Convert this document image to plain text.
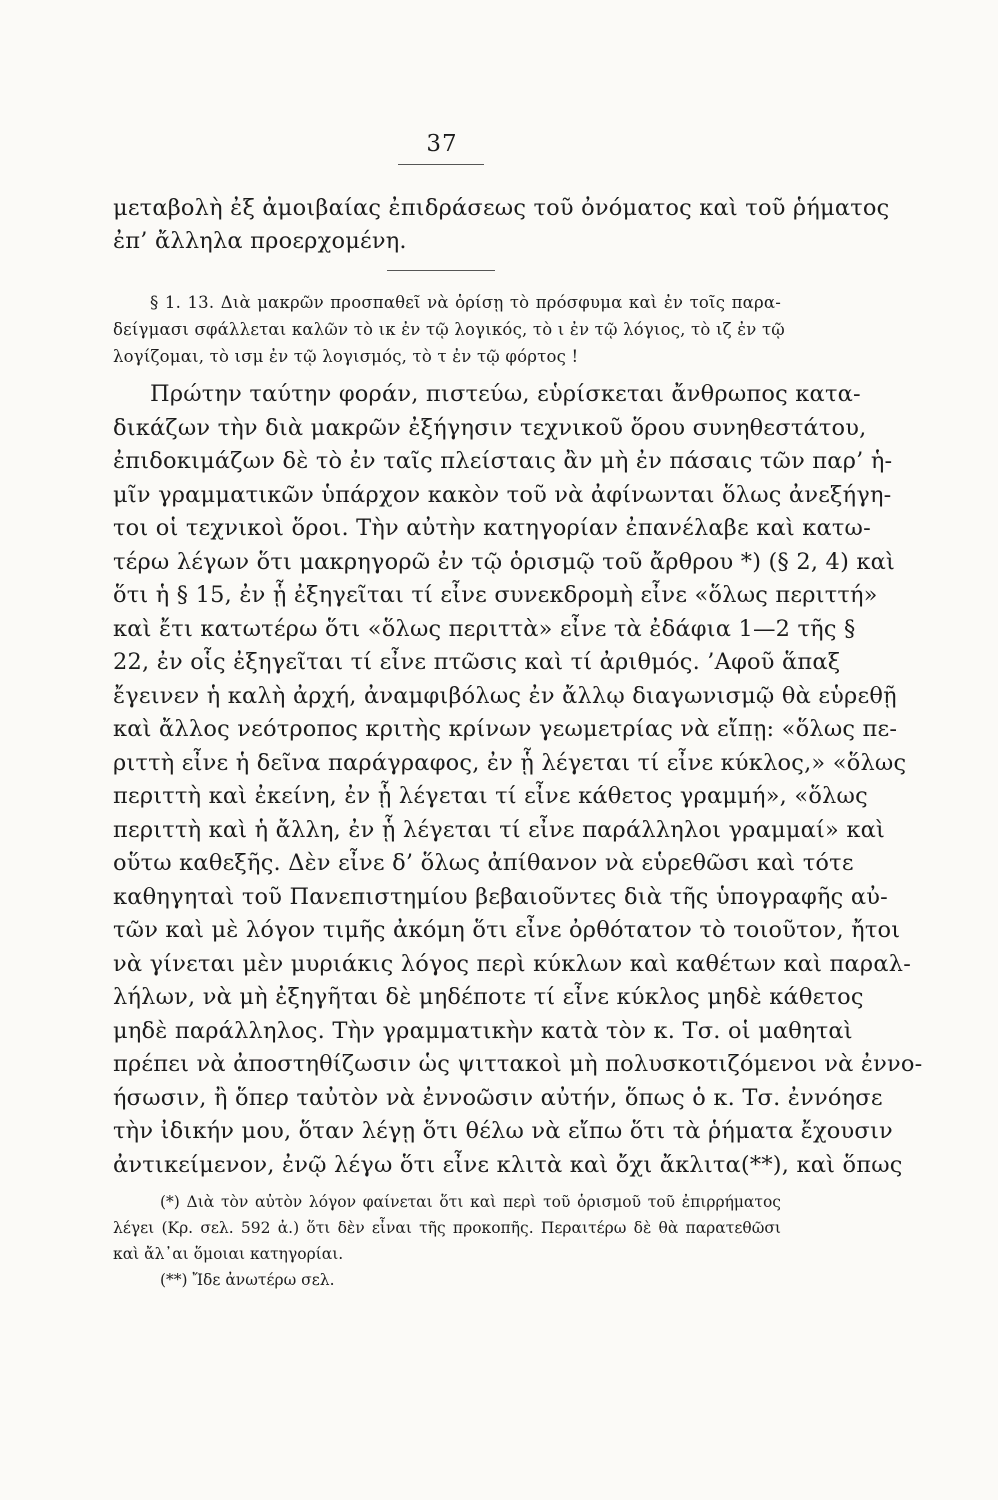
37
μεταβολὴ ἐξ ἀμοιβαίας ἐπιδράσεως τοῦ ὀνόματος καὶ τοῦ ῥήματος
ἐπ’ ἄλληλα προερχομένη.
§ 1. 13. Διὰ μακρῶν προσπαθεῖ νὰ ὁρίσῃ τὸ πρόσφυμα καὶ ἐν τοῖς παρα-
δείγμασι σφάλλεται καλῶν τὸ ικ ἐν τῷ λογικός, τὸ ι ἐν τῷ λόγιος, τὸ ιζ ἐν τῷ
λογίζομαι, τὸ ισμ ἐν τῷ λογισμός, τὸ τ ἐν τῷ φόρτος !
Πρώτην ταύτην φοράν, πιστεύω, εὑρίσκεται ἄνθρωπος κατα-
δικάζων τὴν διὰ μακρῶν ἐξήγησιν τεχνικοῦ ὅρου συνηθεστάτου,
ἐπιδοκιμάζων δὲ τὸ ἐν ταῖς πλείσταις ἂν μὴ ἐν πάσαις τῶν παρ’ ἡ-
μῖν γραμματικῶν ὑπάρχον κακὸν τοῦ νὰ ἀφίνωνται ὅλως ἀνεξήγη-
τοι οἱ τεχνικοὶ ὅροι. Τὴν αὐτὴν κατηγορίαν ἐπανέλαβε καὶ κατω-
τέρω λέγων ὅτι μακρηγορῶ ἐν τῷ ὁρισμῷ τοῦ ἄρθρου *) (§ 2, 4) καὶ
ὅτι ἡ § 15, ἐν ᾗ ἐξηγεῖται τί εἶνε συνεκδρομὴ εἶνε «ὅλως περιττή»
καὶ ἔτι κατωτέρω ὅτι «ὅλως περιττὰ» εἶνε τὰ ἐδάφια 1—2 τῆς §
22, ἐν οἷς ἐξηγεῖται τί εἶνε πτῶσις καὶ τί ἀριθμός. ’Αφοῦ ἅπαξ
ἔγεινεν ἡ καλὴ ἀρχή, ἀναμφιβόλως ἐν ἄλλῳ διαγωνισμῷ θὰ εὑρεθῇ
καὶ ἄλλος νεότροπος κριτὴς κρίνων γεωμετρίας νὰ εἴπῃ: «ὅλως πε-
ριττὴ εἶνε ἡ δεῖνα παράγραφος, ἐν ᾗ λέγεται τί εἶνε κύκλος,» «ὅλως
περιττὴ καὶ ἐκείνη, ἐν ᾗ λέγεται τί εἶνε κάθετος γραμμή», «ὅλως
περιττὴ καὶ ἡ ἄλλη, ἐν ᾗ λέγεται τί εἶνε παράλληλοι γραμμαί» καὶ
οὕτω καθεξῆς. Δὲν εἶνε δ’ ὅλως ἀπίθανον νὰ εὑρεθῶσι καὶ τότε
καθηγηταὶ τοῦ Πανεπιστημίου βεβαιοῦντες διὰ τῆς ὑπογραφῆς αὐ-
τῶν καὶ μὲ λόγον τιμῆς ἀκόμη ὅτι εἶνε ὀρθότατον τὸ τοιοῦτον, ἤτοι
νὰ γίνεται μὲν μυριάκις λόγος περὶ κύκλων καὶ καθέτων καὶ παραλ-
λήλων, νὰ μὴ ἐξηγῆται δὲ μηδέποτε τί εἶνε κύκλος μηδὲ κάθετος
μηδὲ παράλληλος. Τὴν γραμματικὴν κατὰ τὸν κ. Τσ. οἱ μαθηταὶ
πρέπει νὰ ἀποστηθίζωσιν ὡς ψιττακοὶ μὴ πολυσκοτιζόμενοι νὰ ἐννο-
ήσωσιν, ἢ ὅπερ ταὐτὸν νὰ ἐννοῶσιν αὐτήν, ὅπως ὁ κ. Τσ. ἐννόησε
τὴν ἰδικήν μου, ὅταν λέγῃ ὅτι θέλω νὰ εἴπω ὅτι τὰ ῥήματα ἔχουσιν
ἀντικείμενον, ἐνῷ λέγω ὅτι εἶνε κλιτὰ καὶ ὄχι ἄκλιτα(**), καὶ ὅπως
(*) Διὰ τὸν αὐτὸν λόγον φαίνεται ὅτι καὶ περὶ τοῦ ὁρισμοῦ τοῦ ἐπιρρήματος
λέγει (Κρ. σελ. 592 ἀ.) ὅτι δὲν εἶναι τῆς προκοπῆς. Περαιτέρω δὲ θὰ παρατεθῶσι
καὶ ἄλ᾽αι ὅμοιαι κατηγορίαι.
(**) Ἴδε ἀνωτέρω σελ.
